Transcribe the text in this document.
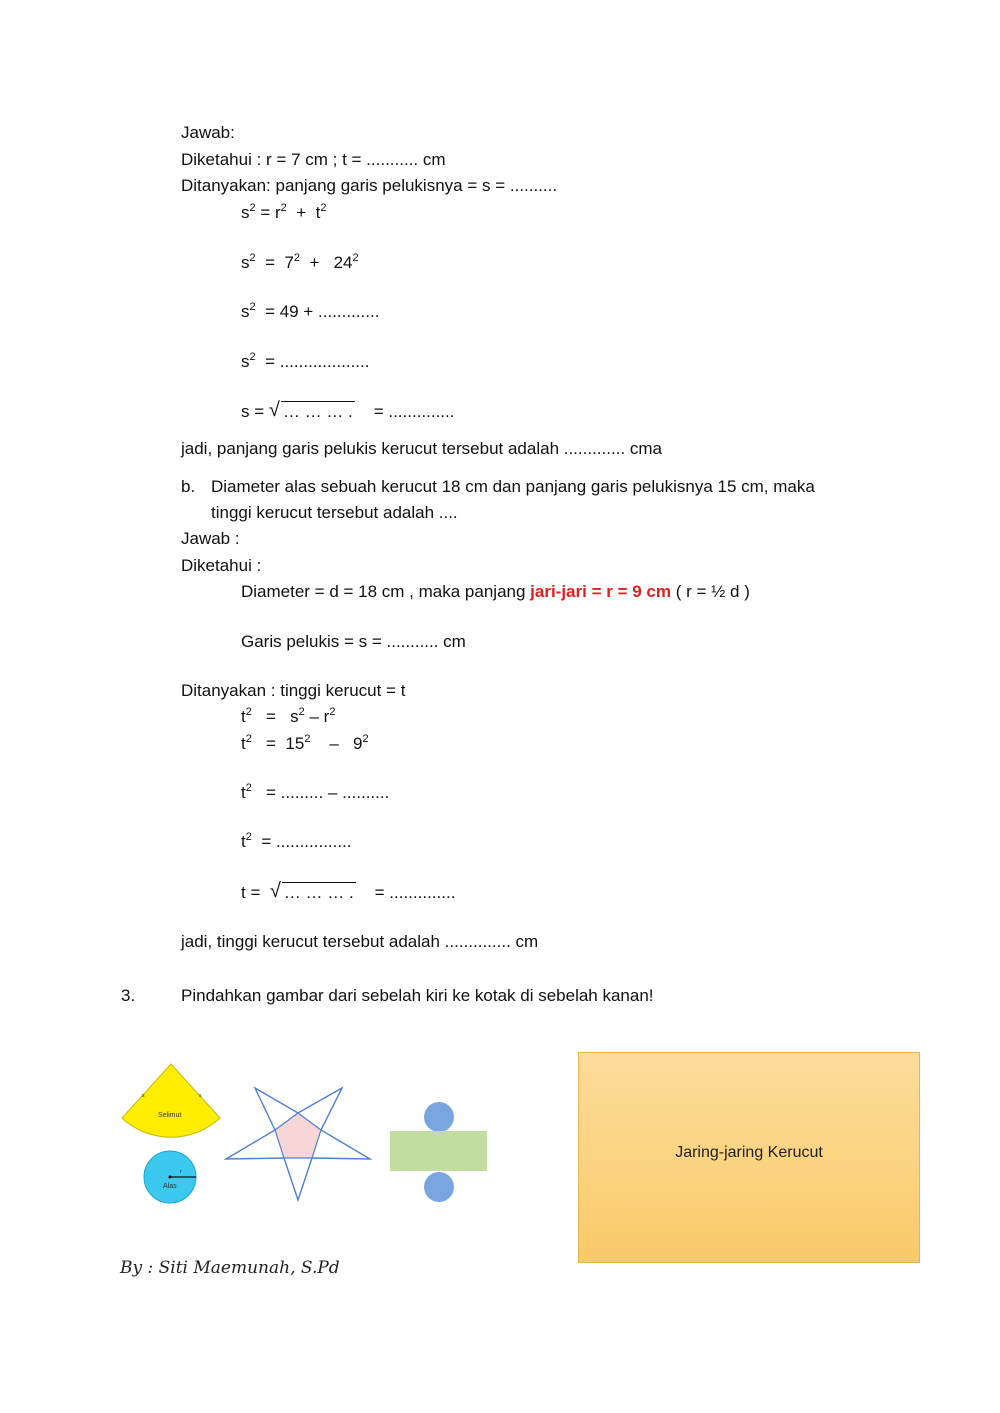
Jawab:
Diketahui : r = 7 cm ; t = ........... cm
Ditanyakan: panjang garis pelukisnya = s = ..........
$s^2 = r^2 + t^2$
$s^2 = 7^2 + 24^2$
$s^2 = 49$ + .............
$s^2$ = ...................
s = √ … … … . = ..............
jadi, panjang garis pelukis kerucut tersebut adalah ............. cma
b. Diameter alas sebuah kerucut 18 cm dan panjang garis pelukisnya 15 cm, maka
tinggi kerucut tersebut adalah ....
Jawab :
Diketahui :
Diameter = d = 18 cm , maka panjang jari-jari = r = 9 cm ( r = ½ d )
Garis pelukis = s = ........... cm
Ditanyakan : tinggi kerucut = t
$t^2 = s^2 - r^2$
$t^2 = 15^2$    –   $9^2$
$t^2$ = ......... – ..........
$t^2$ = ................
t = √ … … … . = ..............
jadi, tinggi kerucut tersebut adalah .............. cm
3.	Pindahkan gambar dari sebelah kiri ke kotak di sebelah kanan!
Selimut
s	s
r
Alas
Jaring-jaring Kerucut
By : Siti Maemunah, S.Pd
